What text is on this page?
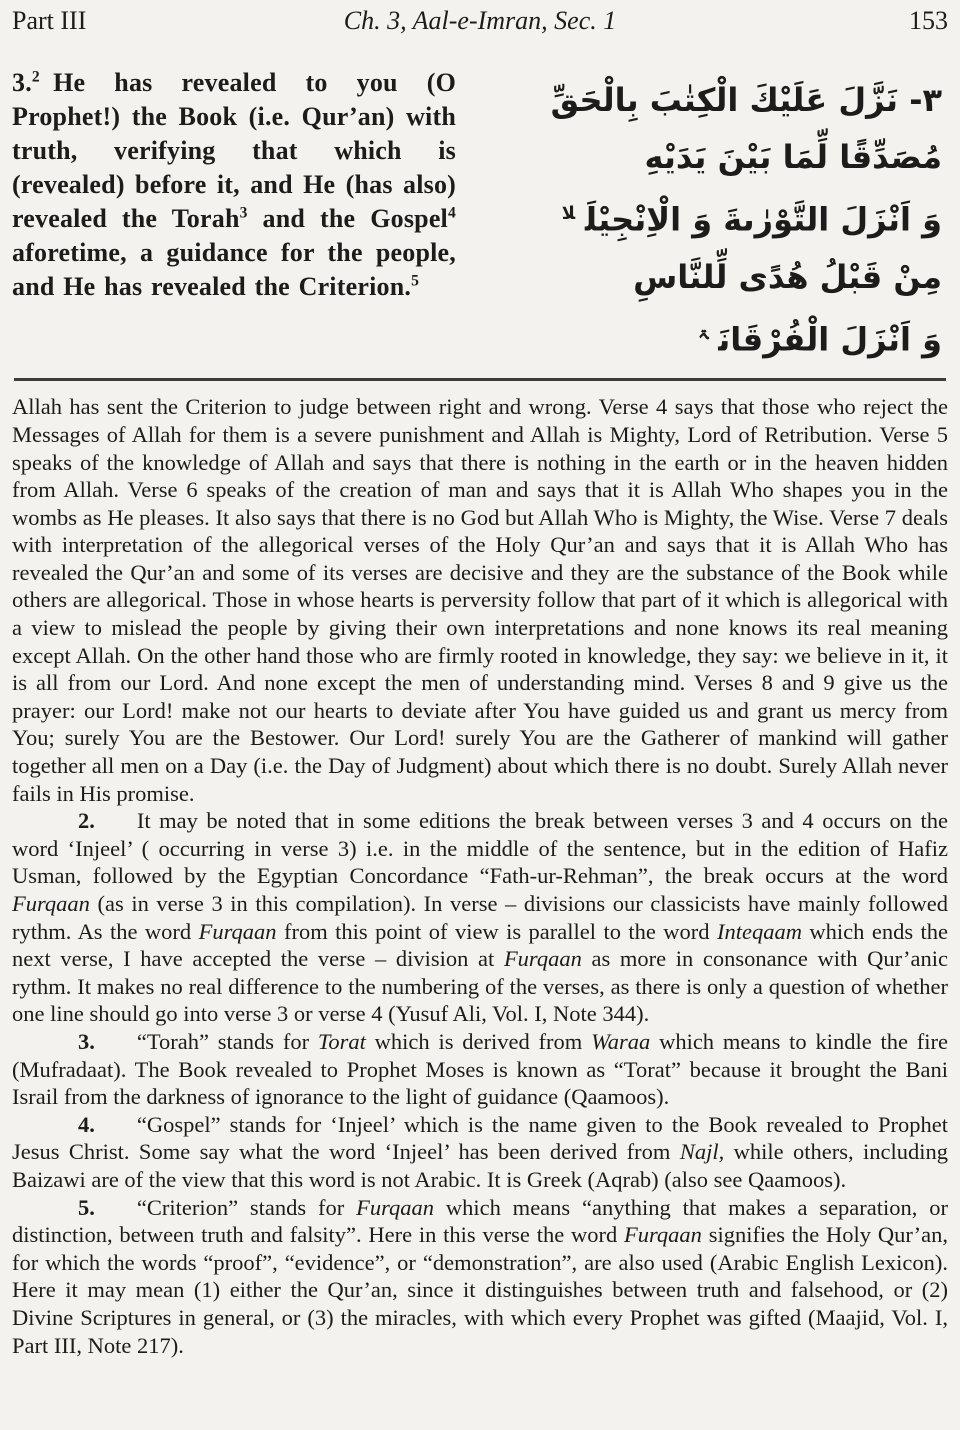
Part III	Ch. 3, Aal-e-Imran, Sec. 1	153
3.$^2$ He has revealed to you (O Prophet!) the Book (i.e. Qur’an) with truth, verifying that which is (revealed) before it, and He (has also) revealed the Torah$^3$ and the Gospel$^4$ aforetime, a guidance for the people, and He has revealed the Criterion.$^5$
٣- نَزَّلَ عَلَيْكَ الْكِتٰبَ بِالْحَقِّ
مُصَدِّقًا لِّمَا بَيْنَ يَدَيْهِ
وَ اَنْزَلَ التَّوْرٰىةَ وَ الْاِنْجِيْلَ$^{لا}$
مِنْ قَبْلُ هُدًى لِّلنَّاسِ
وَ اَنْزَلَ الْفُرْقَانَ$^ۃ$

Allah has sent the Criterion to judge between right and wrong. Verse 4 says that those who reject the Messages of Allah for them is a severe punishment and Allah is Mighty, Lord of Retribution. Verse 5 speaks of the knowledge of Allah and says that there is nothing in the earth or in the heaven hidden from Allah. Verse 6 speaks of the creation of man and says that it is Allah Who shapes you in the wombs as He pleases. It also says that there is no God but Allah Who is Mighty, the Wise. Verse 7 deals with interpretation of the allegorical verses of the Holy Qur’an and says that it is Allah Who has revealed the Qur’an and some of its verses are decisive and they are the substance of the Book while others are allegorical. Those in whose hearts is perversity follow that part of it which is allegorical with a view to mislead the people by giving their own interpretations and none knows its real meaning except Allah. On the other hand those who are firmly rooted in knowledge, they say: we believe in it, it is all from our Lord. And none except the men of understanding mind. Verses 8 and 9 give us the prayer: our Lord! make not our hearts to deviate after You have guided us and grant us mercy from You; surely You are the Bestower. Our Lord! surely You are the Gatherer of mankind will gather together all men on a Day (i.e. the Day of Judgment) about which there is no doubt. Surely Allah never fails in His promise.

2. It may be noted that in some editions the break between verses 3 and 4 occurs on the word ‘Injeel’ ( occurring in verse 3) i.e. in the middle of the sentence, but in the edition of Hafiz Usman, followed by the Egyptian Concordance “Fath-ur-Rehman”, the break occurs at the word Furqaan (as in verse 3 in this compilation). In verse – divisions our classicists have mainly followed rythm. As the word Furqaan from this point of view is parallel to the word Inteqaam which ends the next verse, I have accepted the verse – division at Furqaan as more in consonance with Qur’anic rythm. It makes no real difference to the numbering of the verses, as there is only a question of whether one line should go into verse 3 or verse 4 (Yusuf Ali, Vol. I, Note 344).

3. “Torah” stands for Torat which is derived from Waraa which means to kindle the fire (Mufradaat). The Book revealed to Prophet Moses is known as “Torat” because it brought the Bani Israil from the darkness of ignorance to the light of guidance (Qaamoos).

4. “Gospel” stands for ‘Injeel’ which is the name given to the Book revealed to Prophet Jesus Christ. Some say what the word ‘Injeel’ has been derived from Najl, while others, including Baizawi are of the view that this word is not Arabic. It is Greek (Aqrab) (also see Qaamoos).

5. “Criterion” stands for Furqaan which means “anything that makes a separation, or distinction, between truth and falsity”. Here in this verse the word Furqaan signifies the Holy Qur’an, for which the words “proof”, “evidence”, or “demonstration”, are also used (Arabic English Lexicon). Here it may mean (1) either the Qur’an, since it distinguishes between truth and falsehood, or (2) Divine Scriptures in general, or (3) the miracles, with which every Prophet was gifted (Maajid, Vol. I, Part III, Note 217).
